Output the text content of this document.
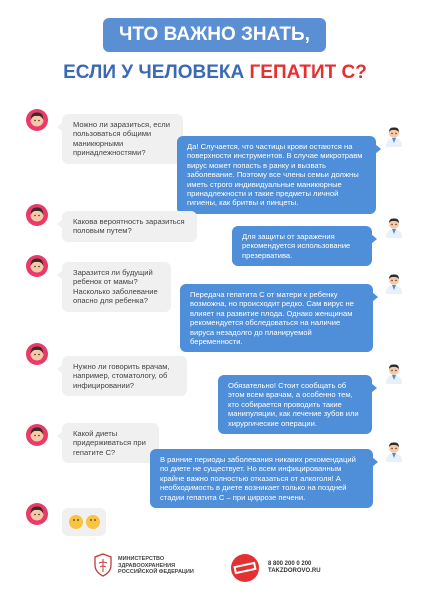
ЧТО ВАЖНО ЗНАТЬ,
ЕСЛИ У ЧЕЛОВЕКА ГЕПАТИТ С?
Можно ли заразиться, если пользоваться общими маникюрными принадлежностями?
Да! Случается, что частицы крови остаются на поверхности инструментов. В случае микротравм вирус может попасть в ранку и вызвать заболевание. Поэтому все члены семьи должны иметь строго индивидуальные маникюрные принадлежности и такие предметы личной гигиены, как бритвы и пинцеты.
Какова вероятность заразиться половым путем?
Для защиты от заражения рекомендуется использование презерватива.
Заразится ли будущий ребенок от мамы? Насколько заболевание опасно для ребенка?
Передача гепатита С от матери к ребенку возможна, но происходит редко. Сам вирус не влияет на развитие плода. Однако женщинам рекомендуется обследоваться на наличие вируса незадолго до планируемой беременности.
Нужно ли говорить врачам, например, стоматологу, об инфицировании?	Обязательно! Стоит сообщать об этом всем врачам, а особенно тем, кто собирается проводить такие манипуляции, как лечение зубов или хирургические операции.
Какой диеты придерживаться при гепатите С?
В ранние периоды заболевания никаких рекомендаций по диете не существует. Но всем инфицированным крайне важно полностью отказаться от алкоголя! А необходимость в диете возникает только на поздней стадии гепатита С – при циррозе печени.
МИНИСТЕРСТВО
ЗДРАВООХРАНЕНИЯ
РОССИЙСКОЙ ФЕДЕРАЦИИ
8 800 200 0 200
TAKZDOROVO.RU
